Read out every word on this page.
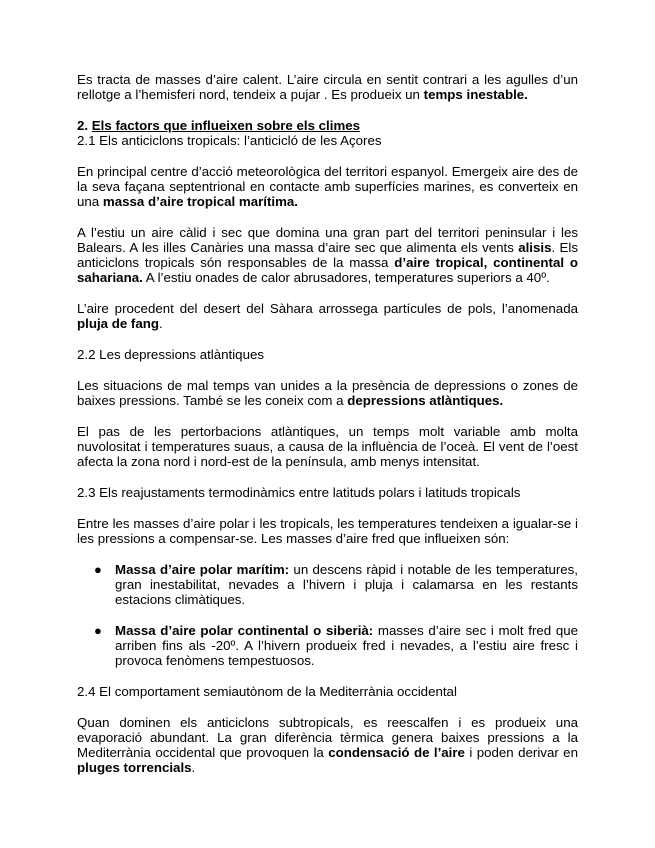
Es tracta de masses d’aire calent. L’aire circula en sentit contrari a les agulles d’un rellotge a l’hemisferi nord, tendeix a pujar . Es produeix un temps inestable.

2. Els factors que influeixen sobre els climes

2.1 Els anticiclons tropicals: l’anticicló de les Açores

En principal centre d’acció meteorològica del territori espanyol. Emergeix aire des de la seva façana septentrional en contacte amb superfícies marines, es converteix en una massa d’aire tropical marítima.

A l’estiu un aire càlid i sec que domina una gran part del territori peninsular i les Balears. A les illes Canàries una massa d’aire sec que alimenta els vents alisis. Els anticiclons tropicals són responsables de la massa d’aire tropical, continental o sahariana. A l’estiu onades de calor abrusadores, temperatures superiors a 40º.

L’aire procedent del desert del Sàhara arrossega partícules de pols, l’anomenada pluja de fang.

2.2 Les depressions atlàntiques

Les situacions de mal temps van unides a la presència de depressions o zones de baixes pressions. També se les coneix com a depressions atlàntiques.

El pas de les pertorbacions atlàntiques, un temps molt variable amb molta nuvolositat i temperatures suaus, a causa de la influència de l’oceà. El vent de l’oest afecta la zona nord i nord-est de la península, amb menys intensitat.

2.3 Els reajustaments termodinàmics entre latituds polars i latituds tropicals

Entre les masses d’aire polar i les tropicals, les temperatures tendeixen a igualar-se i les pressions a compensar-se. Les masses d’aire fred que influeixen són:

● Massa d’aire polar marítim: un descens ràpid i notable de les temperatures, gran inestabilitat, nevades a l’hivern i pluja i calamarsa en les restants estacions climàtiques.
● Massa d’aire polar continental o siberià: masses d’aire sec i molt fred que arriben fins als -20º. A l’hivern produeix fred i nevades, a l’estiu aire fresc i provoca fenòmens tempestuosos.

2.4 El comportament semiautònom de la Mediterrània occidental

Quan dominen els anticiclons subtropicals, es reescalfen i es produeix una evaporació abundant. La gran diferència tèrmica genera baixes pressions a la Mediterrània occidental que provoquen la condensació de l’aire i poden derivar en pluges torrencials.
